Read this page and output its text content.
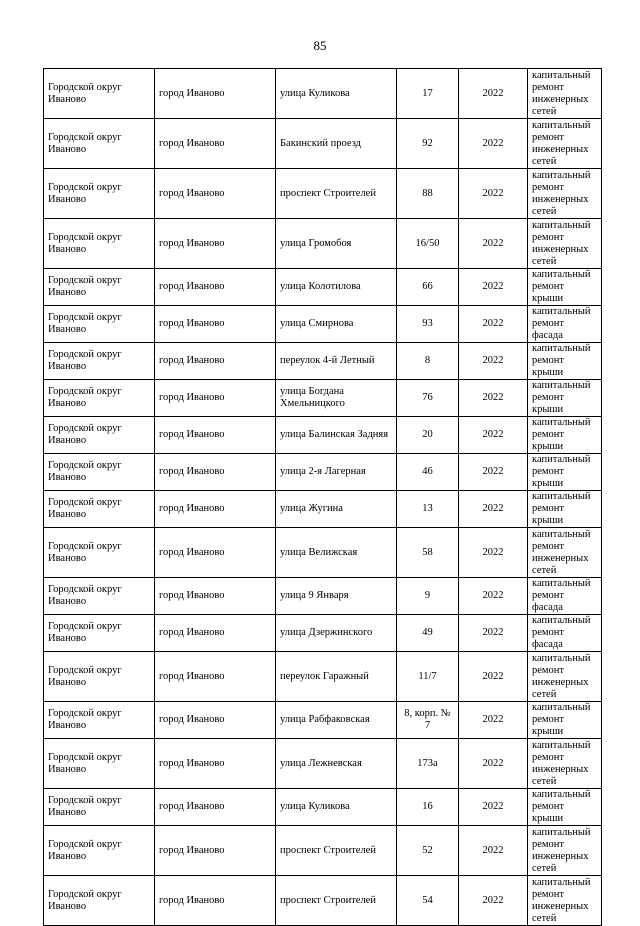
85
Городской округ Иваново	город Иваново	улица Куликова	17	2022	капитальный ремонт инженерных сетей
Городской округ Иваново	город Иваново	Бакинский проезд	92	2022	капитальный ремонт инженерных сетей
Городской округ Иваново	город Иваново	проспект Строителей	88	2022	капитальный ремонт инженерных сетей
Городской округ Иваново	город Иваново	улица Громобоя	16/50	2022	капитальный ремонт инженерных сетей
Городской округ Иваново	город Иваново	улица Колотилова	66	2022	капитальный ремонт крыши
Городской округ Иваново	город Иваново	улица Смирнова	93	2022	капитальный ремонт фасада
Городской округ Иваново	город Иваново	переулок 4-й Летный	8	2022	капитальный ремонт крыши
Городской округ Иваново	город Иваново	улица Богдана Хмельницкого	76	2022	капитальный ремонт крыши
Городской округ Иваново	город Иваново	улица Балинская Задняя	20	2022	капитальный ремонт крыши
Городской округ Иваново	город Иваново	улица 2-я Лагерная	46	2022	капитальный ремонт крыши
Городской округ Иваново	город Иваново	улица Жугина	13	2022	капитальный ремонт крыши
Городской округ Иваново	город Иваново	улица Велижская	58	2022	капитальный ремонт инженерных сетей
Городской округ Иваново	город Иваново	улица 9 Января	9	2022	капитальный ремонт фасада
Городской округ Иваново	город Иваново	улица Дзержинского	49	2022	капитальный ремонт фасада
Городской округ Иваново	город Иваново	переулок Гаражный	11/7	2022	капитальный ремонт инженерных сетей
Городской округ Иваново	город Иваново	улица Рабфаковская	8, корп. № 7	2022	капитальный ремонт крыши
Городской округ Иваново	город Иваново	улица Лежневская	173а	2022	капитальный ремонт инженерных сетей
Городской округ Иваново	город Иваново	улица Куликова	16	2022	капитальный ремонт крыши
Городской округ Иваново	город Иваново	проспект Строителей	52	2022	капитальный ремонт инженерных сетей
Городской округ Иваново	город Иваново	проспект Строителей	54	2022	капитальный ремонт инженерных сетей
